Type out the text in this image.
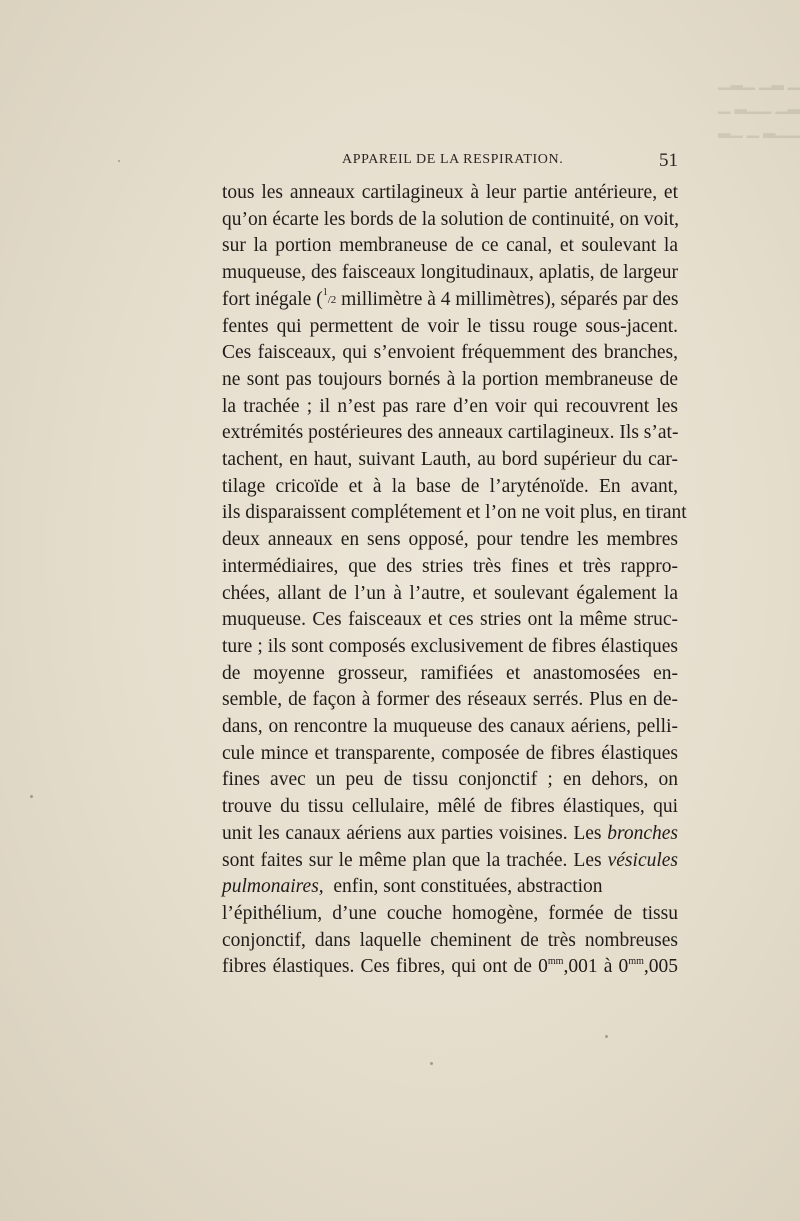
▁▂▁ ▁▂ ▁
▁ ▂▁▁ ▁▂
▂▁ ▁ ▂▁▁
APPAREIL DE LA RESPIRATION.	51
tous les anneaux cartilagineux à leur partie antérieure, et
qu’on écarte les bords de la solution de continuité, on voit,
sur la portion membraneuse de ce canal, et soulevant la
muqueuse, des faisceaux longitudinaux, aplatis, de largeur
fort inégale ($^1$/2 millimètre à 4 millimètres), séparés par des
fentes qui permettent de voir le tissu rouge sous-jacent.
Ces faisceaux, qui s’envoient fréquemment des branches,
ne sont pas toujours bornés à la portion membraneuse de
la trachée ; il n’est pas rare d’en voir qui recouvrent les
extrémités postérieures des anneaux cartilagineux. Ils s’at-
tachent, en haut, suivant Lauth, au bord supérieur du car-
tilage cricoïde et à la base de l’aryténoïde. En avant,
ils disparaissent complétement et l’on ne voit plus, en tirant
deux anneaux en sens opposé, pour tendre les membres
intermédiaires, que des stries très fines et très rappro-
chées, allant de l’un à l’autre, et soulevant également la
muqueuse. Ces faisceaux et ces stries ont la même struc-
ture ; ils sont composés exclusivement de fibres élastiques
de moyenne grosseur, ramifiées et anastomosées en-
semble, de façon à former des réseaux serrés. Plus en de-
dans, on rencontre la muqueuse des canaux aériens, pelli-
cule mince et transparente, composée de fibres élastiques
fines avec un peu de tissu conjonctif ; en dehors, on
trouve du tissu cellulaire, mêlé de fibres élastiques, qui
unit les canaux aériens aux parties voisines. Les bronches
sont faites sur le même plan que la trachée. Les vésicules
pulmonaires, enfin, sont constituées, abstraction
l’épithélium, d’une couche homogène, formée de tissu
conjonctif, dans laquelle cheminent de très nombreuses
fibres élastiques. Ces fibres, qui ont de $0^{mm},001$ à $0^{mm},005$
